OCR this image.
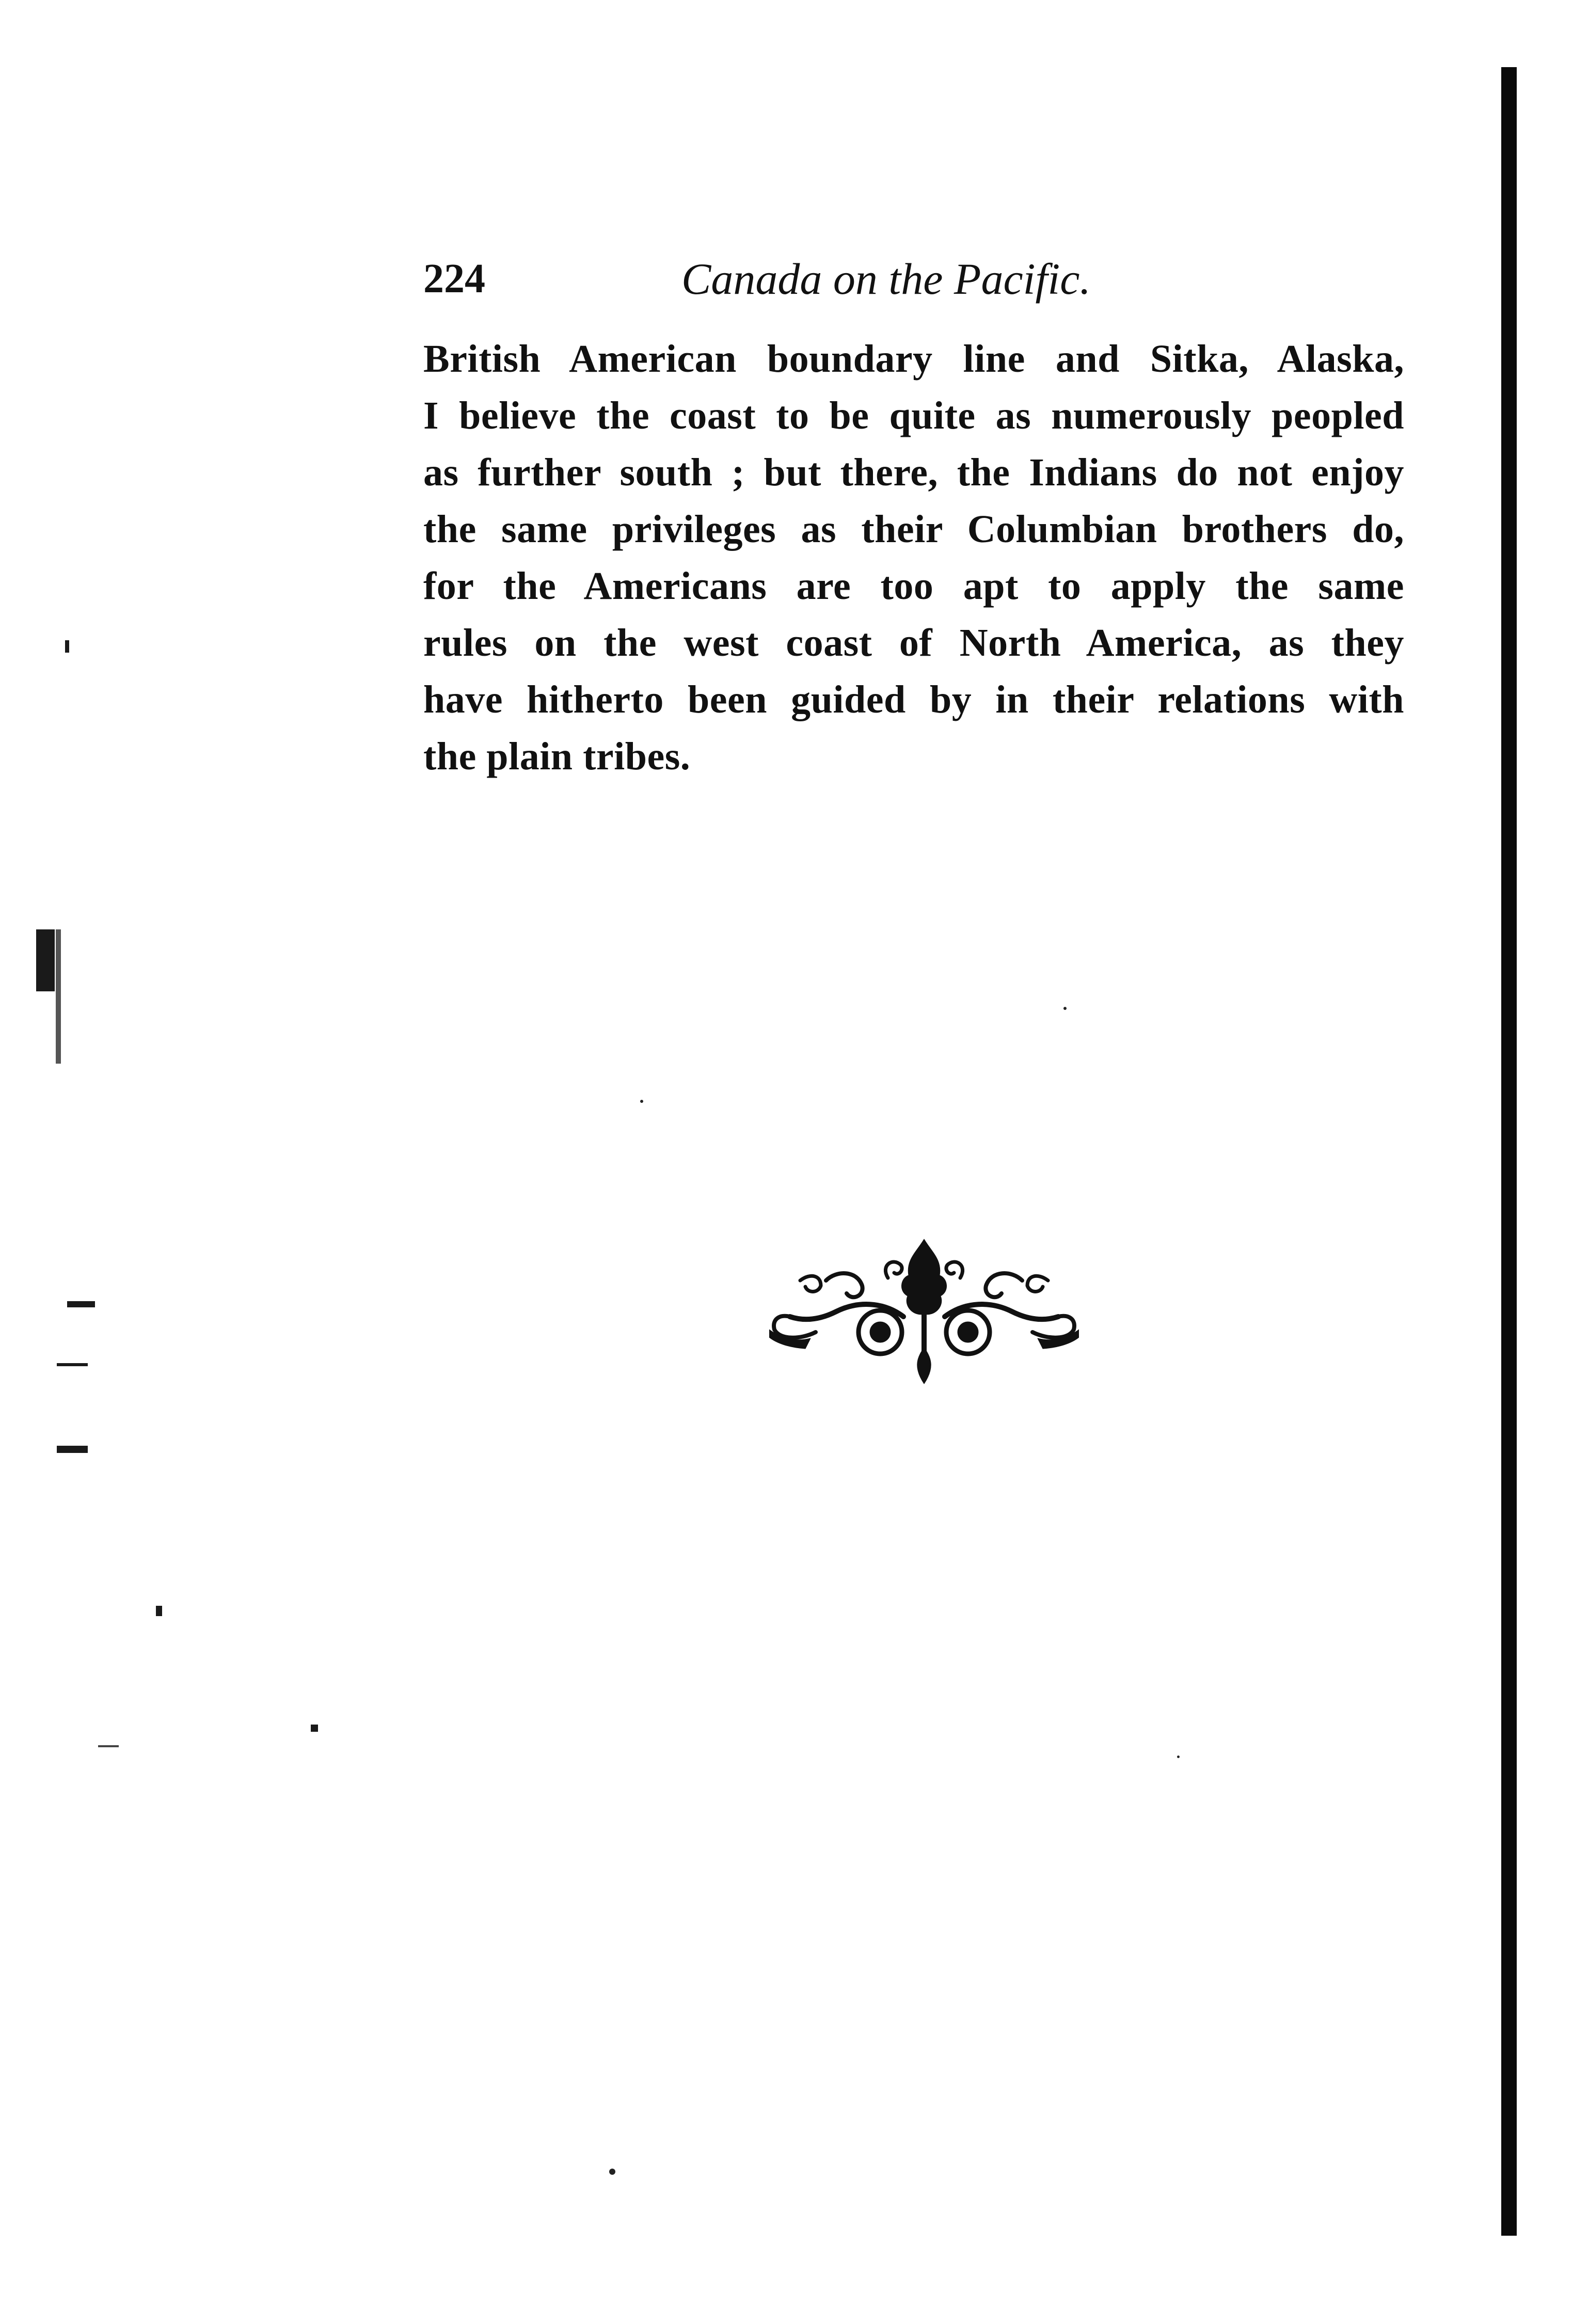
224	Canada on the Pacific.
British American boundary line and Sitka, Alaska,
I believe the coast to be quite as numerously peopled
as further south ; but there, the Indians do not enjoy
the same privileges as their Columbian brothers do,
for the Americans are too apt to apply the same
rules on the west coast of North America, as they
have hitherto been guided by in their relations with
the plain tribes.
